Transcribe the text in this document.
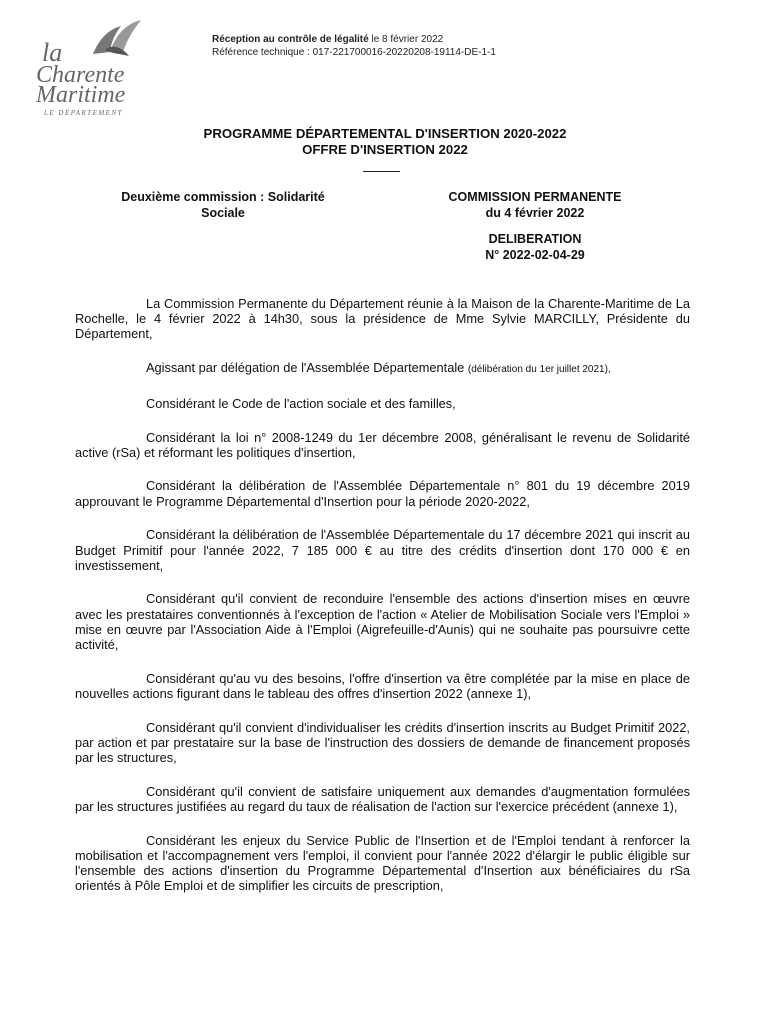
la
Charente
Maritime
LE DÉPARTEMENT
Réception au contrôle de légalité le 8 février 2022
Référence technique : 017-221700016-20220208-19114-DE-1-1
PROGRAMME DÉPARTEMENTAL D'INSERTION 2020-2022
OFFRE D'INSERTION 2022
Deuxième commission : Solidarité
Sociale
COMMISSION PERMANENTE
du 4 février 2022
DELIBERATION
N° 2022-02-04-29

La Commission Permanente du Département réunie à la Maison de la Charente-Maritime de La Rochelle, le 4 février 2022 à 14h30, sous la présidence de Mme Sylvie MARCILLY, Présidente du Département,

Agissant par délégation de l'Assemblée Départementale (délibération du 1er juillet 2021),

Considérant le Code de l'action sociale et des familles,

Considérant la loi n° 2008-1249 du 1er décembre 2008, généralisant le revenu de Solidarité active (rSa) et réformant les politiques d'insertion,

Considérant la délibération de l'Assemblée Départementale n° 801 du 19 décembre 2019 approuvant le Programme Départemental d'Insertion pour la période 2020-2022,

Considérant la délibération de l'Assemblée Départementale du 17 décembre 2021 qui inscrit au Budget Primitif pour l'année 2022, 7 185 000 € au titre des crédits d'insertion dont 170 000 € en investissement,

Considérant qu'il convient de reconduire l'ensemble des actions d'insertion mises en œuvre avec les prestataires conventionnés à l'exception de l'action « Atelier de Mobilisation Sociale vers l'Emploi » mise en œuvre par l'Association Aide à l'Emploi (Aigrefeuille-d'Aunis) qui ne souhaite pas poursuivre cette activité,

Considérant qu'au vu des besoins, l'offre d'insertion va être complétée par la mise en place de nouvelles actions figurant dans le tableau des offres d'insertion 2022 (annexe 1),

Considérant qu'il convient d'individualiser les crédits d'insertion inscrits au Budget Primitif 2022, par action et par prestataire sur la base de l'instruction des dossiers de demande de financement proposés par les structures,

Considérant qu'il convient de satisfaire uniquement aux demandes d'augmentation formulées par les structures justifiées au regard du taux de réalisation de l'action sur l'exercice précédent (annexe 1),

Considérant les enjeux du Service Public de l'Insertion et de l'Emploi tendant à renforcer la mobilisation et l'accompagnement vers l'emploi, il convient pour l'année 2022 d'élargir le public éligible sur l'ensemble des actions d'insertion du Programme Départemental d'Insertion aux bénéficiaires du rSa orientés à Pôle Emploi et de simplifier les circuits de prescription,
